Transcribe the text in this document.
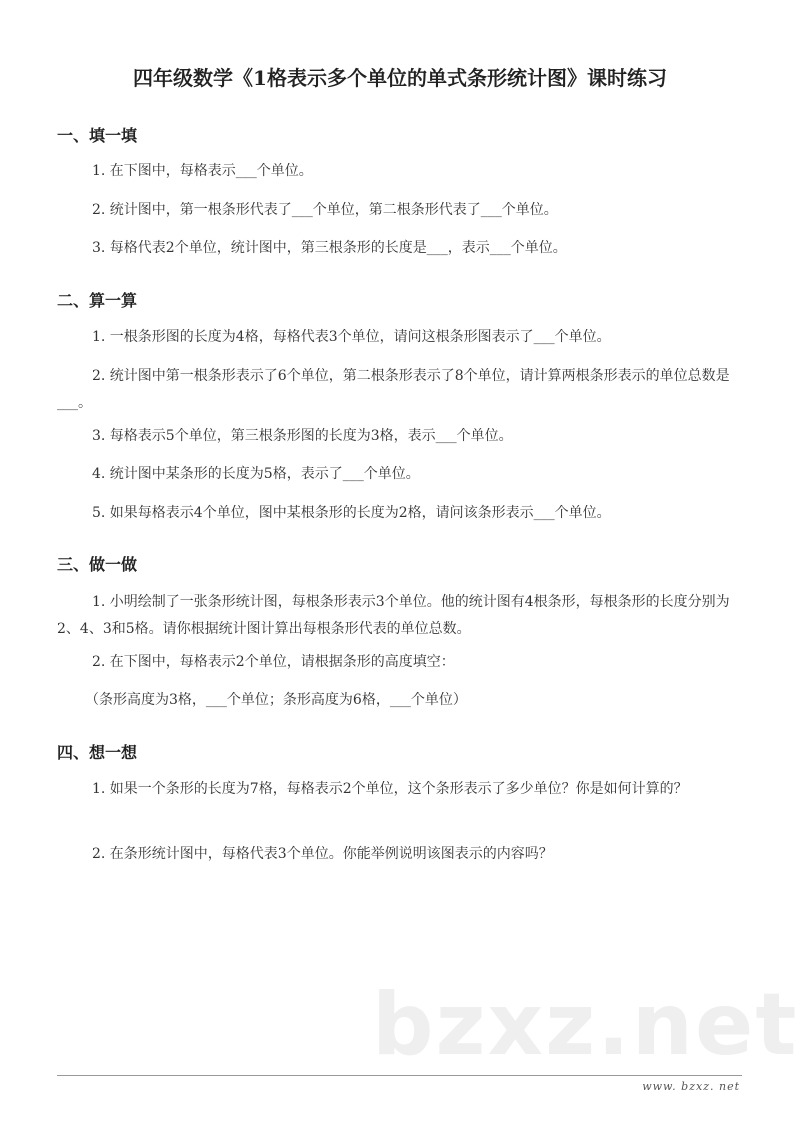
四年级数学《1格表示多个单位的单式条形统计图》课时练习
一、填一填
1. 在下图中，每格表示___个单位。
2. 统计图中，第一根条形代表了___个单位，第二根条形代表了___个单位。
3. 每格代表2个单位，统计图中，第三根条形的长度是___，表示___个单位。
二、算一算
1. 一根条形图的长度为4格，每格代表3个单位，请问这根条形图表示了___个单位。
2. 统计图中第一根条形表示了6个单位，第二根条形表示了8个单位，请计算两根条形表示的单位总数是___。
3. 每格表示5个单位，第三根条形图的长度为3格，表示___个单位。
4. 统计图中某条形的长度为5格，表示了___个单位。
5. 如果每格表示4个单位，图中某根条形的长度为2格，请问该条形表示___个单位。
三、做一做
1. 小明绘制了一张条形统计图，每根条形表示3个单位。他的统计图有4根条形，每根条形的长度分别为2、4、3和5格。请你根据统计图计算出每根条形代表的单位总数。
2. 在下图中，每格表示2个单位，请根据条形的高度填空：
（条形高度为3格，___个单位；条形高度为6格，___个单位）
四、想一想
1. 如果一个条形的长度为7格，每格表示2个单位，这个条形表示了多少单位？你是如何计算的？
2. 在条形统计图中，每格代表3个单位。你能举例说明该图表示的内容吗？
bzxz.net
www. bzxz. net
